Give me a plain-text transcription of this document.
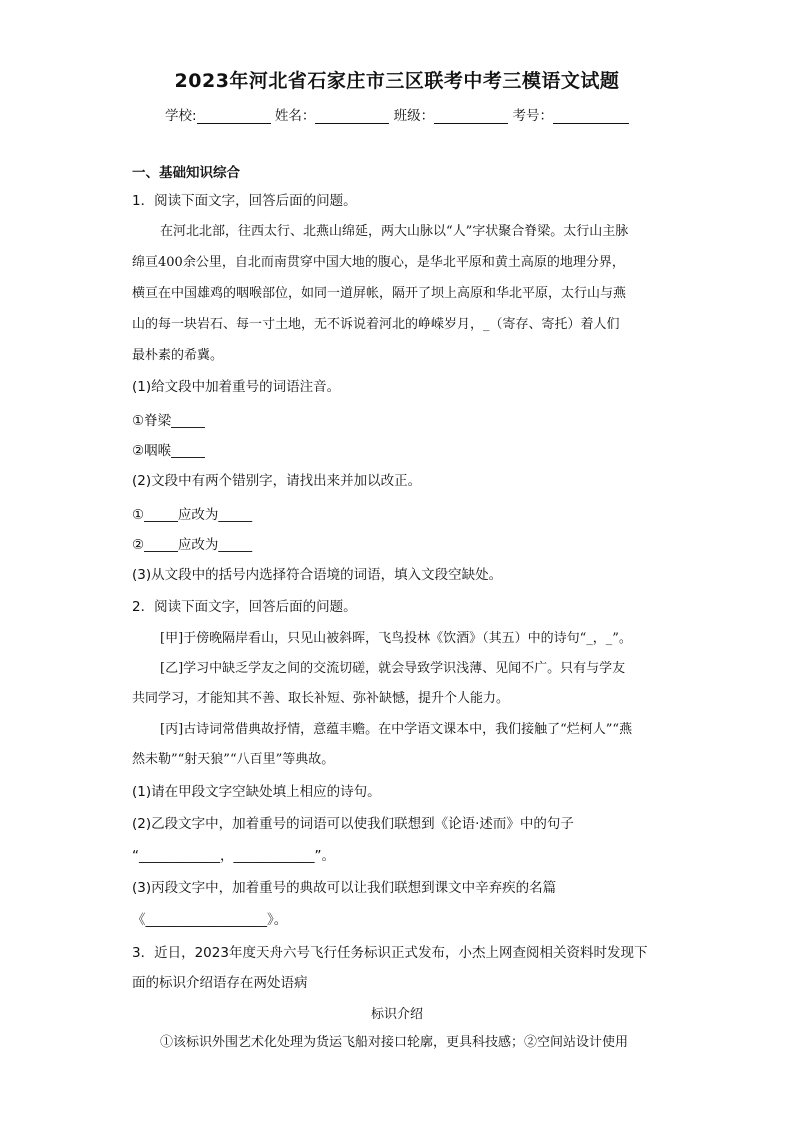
2023年河北省石家庄市三区联考中考三模语文试题
学校:	姓名：	班级：	考号：
一、基础知识综合
1．阅读下面文字，回答后面的问题。
在河北北部，往西太行、北燕山绵延，两大山脉以“人”字状聚合脊梁。太行山主脉
绵亘400余公里，自北而南贯穿中国大地的腹心，是华北平原和黄土高原的地理分界，
横亘在中国雄鸡的咽喉部位，如同一道屏帐，隔开了坝上高原和华北平原，太行山与燕
山的每一块岩石、每一寸土地，无不诉说着河北的峥嵘岁月，_（寄存、寄托）着人们
最朴素的希冀。
(1)给文段中加着重号的词语注音。
①脊梁_____
②咽喉_____
(2)文段中有两个错别字，请找出来并加以改正。
①_____应改为_____
②_____应改为_____
(3)从文段中的括号内选择符合语境的词语，填入文段空缺处。
2．阅读下面文字，回答后面的问题。
[甲]于傍晚隔岸看山，只见山被斜晖，飞鸟投林《饮酒》（其五）中的诗句“_，_”。
[乙]学习中缺乏学友之间的交流切磋，就会导致学识浅薄、见闻不广。只有与学友
共同学习，才能知其不善、取长补短、弥补缺憾，提升个人能力。
[丙]古诗词常借典故抒情，意蕴丰赡。在中学语文课本中，我们接触了“烂柯人”“燕
然未勒”“射天狼”“八百里”等典故。
(1)请在甲段文字空缺处填上相应的诗句。
(2)乙段文字中，加着重号的词语可以使我们联想到《论语·述而》中的句子
“____________，____________”。
(3)丙段文字中，加着重号的典故可以让我们联想到课文中辛弃疾的名篇
《__________________》。
3．近日，2023年度天舟六号飞行任务标识正式发布，小杰上网查阅相关资料时发现下
面的标识介绍语存在两处语病
标识介绍
①该标识外围艺术化处理为货运飞船对接口轮廓，更具科技感；②空间站设计使用
